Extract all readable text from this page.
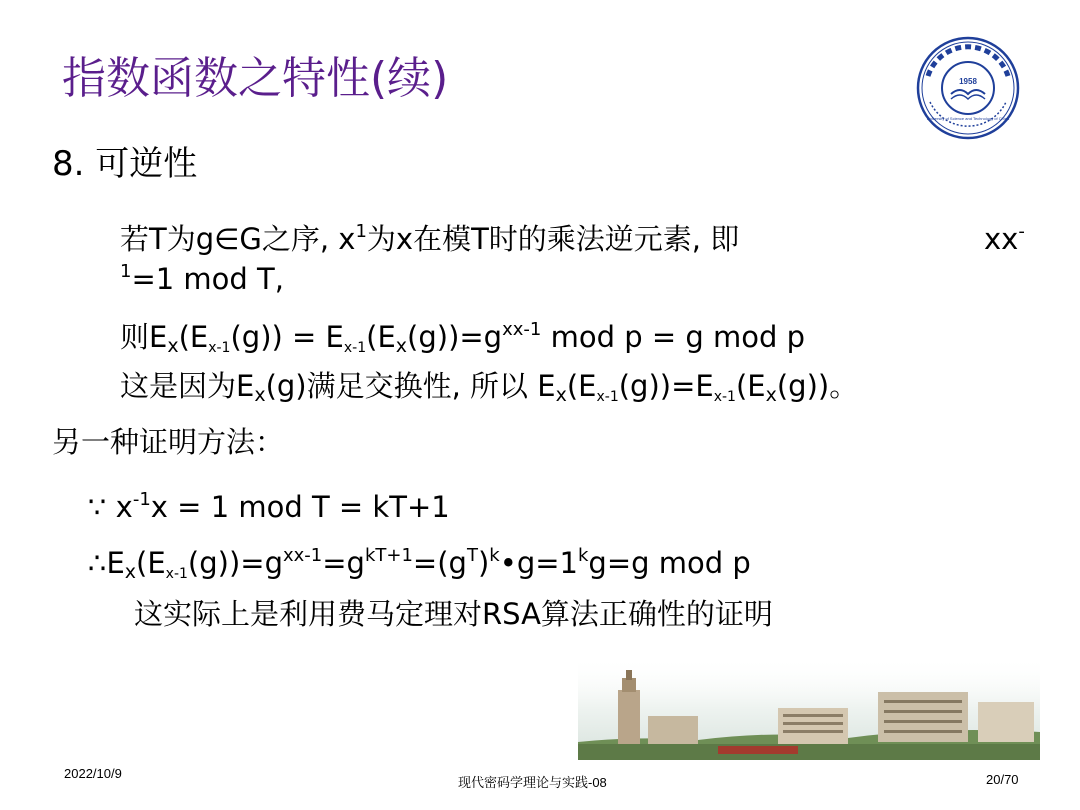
指数函数之特性(续)	1958
University of Science and Technology of China
8. 可逆性
若T为g∈G之序, $x^1$为x在模T时的乘法逆元素, 即	xx-
$^1$=1 mod T,
则$E_x(Ex-1(g)) = Ex-1(E_x(g))=g^{xx-1}$ mod p = g mod p
这是因为$E_x(g)$满足交换性, 所以 $E_x(Ex-1(g))=Ex-1(E_x(g))$。
另一种证明方法：
∵ $x^{-1}x = 1$ mod T = kT+1
$\therefore E_x(Ex-1(g))=g^{xx-1}=g^{kT+1}=(g^T)^k•g=1^kg=g$ mod p
这实际上是利用费马定理对RSA算法正确性的证明
2022/10/9
现代密码学理论与实践-08	20/70
